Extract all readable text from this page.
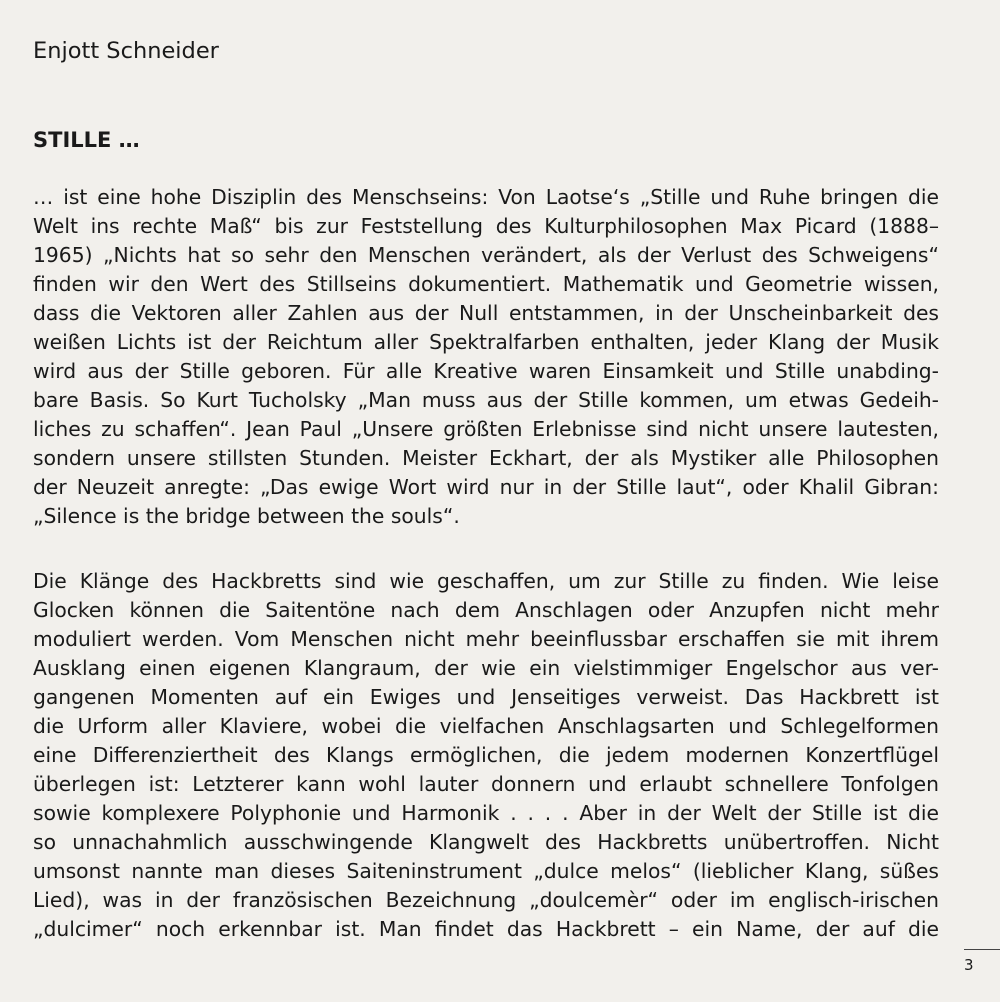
Enjott Schneider
STILLE …
… ist eine hohe Disziplin des Menschseins: Von Laotse‘s „Stille und Ruhe bringen die
Welt ins rechte Maß“ bis zur Feststellung des Kulturphilosophen Max Picard (1888–
1965) „Nichts hat so sehr den Menschen verändert, als der Verlust des Schweigens“
finden wir den Wert des Stillseins dokumentiert. Mathematik und Geometrie wissen,
dass die Vektoren aller Zahlen aus der Null entstammen, in der Unscheinbarkeit des
weißen Lichts ist der Reichtum aller Spektralfarben enthalten, jeder Klang der Musik
wird aus der Stille geboren. Für alle Kreative waren Einsamkeit und Stille unabding-
bare Basis. So Kurt Tucholsky „Man muss aus der Stille kommen, um etwas Gedeih-
liches zu schaffen“. Jean Paul „Unsere größten Erlebnisse sind nicht unsere lautesten,
sondern unsere stillsten Stunden. Meister Eckhart, der als Mystiker alle Philosophen
der Neuzeit anregte: „Das ewige Wort wird nur in der Stille laut“, oder Khalil Gibran:
„Silence is the bridge between the souls“.
Die Klänge des Hackbretts sind wie geschaffen, um zur Stille zu finden. Wie leise
Glocken können die Saitentöne nach dem Anschlagen oder Anzupfen nicht mehr
moduliert werden. Vom Menschen nicht mehr beeinflussbar erschaffen sie mit ihrem
Ausklang einen eigenen Klangraum, der wie ein vielstimmiger Engelschor aus ver-
gangenen Momenten auf ein Ewiges und Jenseitiges verweist. Das Hackbrett ist
die Urform aller Klaviere, wobei die vielfachen Anschlagsarten und Schlegelformen
eine Differenziertheit des Klangs ermöglichen, die jedem modernen Konzertflügel
überlegen ist: Letzterer kann wohl lauter donnern und erlaubt schnellere Tonfolgen
sowie komplexere Polyphonie und Harmonik . . . . Aber in der Welt der Stille ist die
so unnachahmlich ausschwingende Klangwelt des Hackbretts unübertroffen. Nicht
umsonst nannte man dieses Saiteninstrument „dulce melos“ (lieblicher Klang, süßes
Lied), was in der französischen Bezeichnung „doulcemèr“ oder im englisch-irischen
„dulcimer“ noch erkennbar ist. Man findet das Hackbrett – ein Name, der auf die
3
